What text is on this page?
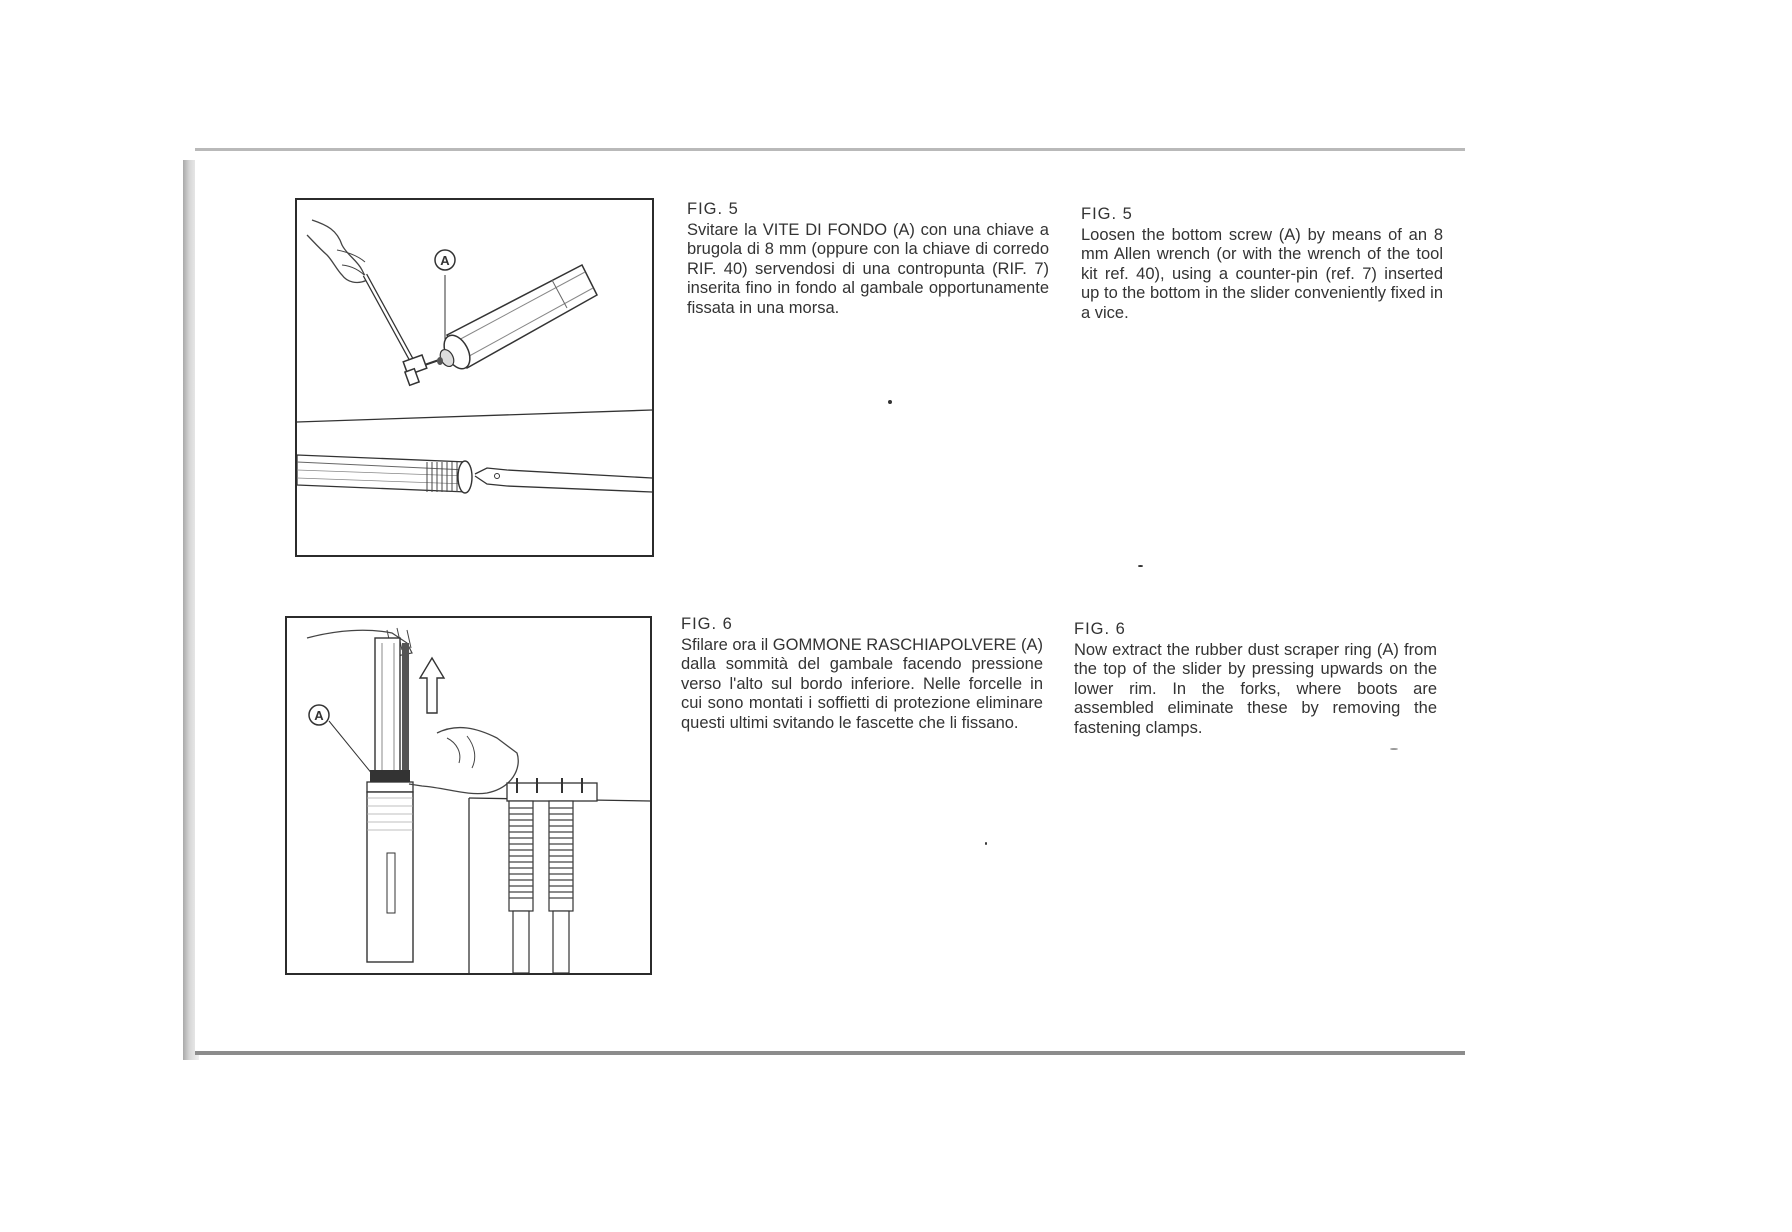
A
A
FIG. 5
Svitare la VITE DI FONDO (A) con una chiave a brugola di 8 mm (oppure con la chiave di corredo RIF. 40) servendosi di una contropunta (RIF. 7) inserita fino in fondo al gambale opportunamente fissata in una morsa.
FIG. 5
Loosen the bottom screw (A) by means of an 8 mm Allen wrench (or with the wrench of the tool kit ref. 40), using a counter-pin (ref. 7) inserted up to the bottom in the slider conveniently fixed in a vice.
FIG. 6
Sfilare ora il GOMMONE RASCHIAPOLVERE (A) dalla sommità del gambale facendo pressione verso l'alto sul bordo inferiore. Nelle forcelle in cui sono montati i soffietti di protezione eliminare questi ultimi svitando le fascette che li fissano.
FIG. 6
Now extract the rubber dust scraper ring (A) from the top of the slider by pressing upwards on the lower rim. In the forks, where boots are assembled eliminate these by removing the fastening clamps.
